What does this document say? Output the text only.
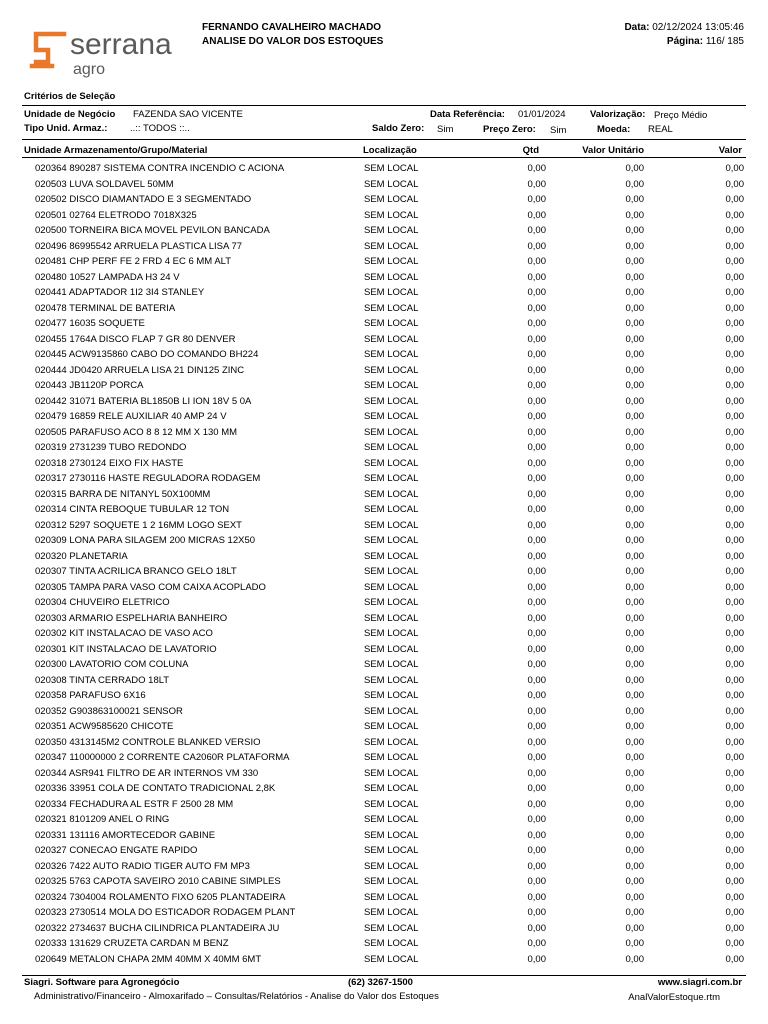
serrana
agro
FERNANDO CAVALHEIRO MACHADO
ANALISE DO VALOR DOS ESTOQUES
Data: 02/12/2024 13:05:46
Página: 116/ 185
Critérios de Seleção
Unidade de Negócio FAZENDA SAO VICENTE	Data Referência: 01/01/2024	Valorização: Preço Médio
Tipo Unid. Armaz.: ..:: TODOS ::..	Saldo Zero: Sim	Preço Zero: Sim	Moeda: REAL
Unidade Armazenamento/Grupo/Material	Localização	Qtd	Valor Unitário	Valor
020364 890287 SISTEMA CONTRA INCENDIO C ACIONA	SEM LOCAL	0,00	0,00	0,00
020503 LUVA SOLDAVEL 50MM	SEM LOCAL	0,00	0,00	0,00
020502 DISCO DIAMANTADO E 3 SEGMENTADO	SEM LOCAL	0,00	0,00	0,00
020501 02764 ELETRODO 7018X325	SEM LOCAL	0,00	0,00	0,00
020500 TORNEIRA BICA MOVEL PEVILON BANCADA	SEM LOCAL	0,00	0,00	0,00
020496 86995542 ARRUELA PLASTICA LISA 77	SEM LOCAL	0,00	0,00	0,00
020481 CHP PERF FE 2 FRD 4 EC 6 MM ALT	SEM LOCAL	0,00	0,00	0,00
020480 10527 LAMPADA H3 24 V	SEM LOCAL	0,00	0,00	0,00
020441 ADAPTADOR 1I2 3I4 STANLEY	SEM LOCAL	0,00	0,00	0,00
020478 TERMINAL DE BATERIA	SEM LOCAL	0,00	0,00	0,00
020477 16035 SOQUETE	SEM LOCAL	0,00	0,00	0,00
020455 1764A DISCO FLAP 7 GR 80 DENVER	SEM LOCAL	0,00	0,00	0,00
020445 ACW9135860 CABO DO COMANDO BH224	SEM LOCAL	0,00	0,00	0,00
020444 JD0420 ARRUELA LISA 21 DIN125 ZINC	SEM LOCAL	0,00	0,00	0,00
020443 JB1120P PORCA	SEM LOCAL	0,00	0,00	0,00
020442 31071 BATERIA BL1850B LI ION 18V 5 0A	SEM LOCAL	0,00	0,00	0,00
020479 16859 RELE AUXILIAR 40 AMP 24 V	SEM LOCAL	0,00	0,00	0,00
020505 PARAFUSO ACO 8 8 12 MM X 130 MM	SEM LOCAL	0,00	0,00	0,00
020319 2731239 TUBO REDONDO	SEM LOCAL	0,00	0,00	0,00
020318 2730124 EIXO FIX HASTE	SEM LOCAL	0,00	0,00	0,00
020317 2730116 HASTE REGULADORA RODAGEM	SEM LOCAL	0,00	0,00	0,00
020315 BARRA DE NITANYL 50X100MM	SEM LOCAL	0,00	0,00	0,00
020314 CINTA REBOQUE TUBULAR 12 TON	SEM LOCAL	0,00	0,00	0,00
020312 5297 SOQUETE 1 2 16MM LOGO SEXT	SEM LOCAL	0,00	0,00	0,00
020309 LONA PARA SILAGEM 200 MICRAS 12X50	SEM LOCAL	0,00	0,00	0,00
020320 PLANETARIA	SEM LOCAL	0,00	0,00	0,00
020307 TINTA ACRILICA BRANCO GELO 18LT	SEM LOCAL	0,00	0,00	0,00
020305 TAMPA PARA VASO COM CAIXA ACOPLADO	SEM LOCAL	0,00	0,00	0,00
020304 CHUVEIRO ELETRICO	SEM LOCAL	0,00	0,00	0,00
020303 ARMARIO ESPELHARIA BANHEIRO	SEM LOCAL	0,00	0,00	0,00
020302 KIT INSTALACAO DE VASO ACO	SEM LOCAL	0,00	0,00	0,00
020301 KIT INSTALACAO DE LAVATORIO	SEM LOCAL	0,00	0,00	0,00
020300 LAVATORIO COM COLUNA	SEM LOCAL	0,00	0,00	0,00
020308 TINTA CERRADO 18LT	SEM LOCAL	0,00	0,00	0,00
020358 PARAFUSO 6X16	SEM LOCAL	0,00	0,00	0,00
020352 G903863100021 SENSOR	SEM LOCAL	0,00	0,00	0,00
020351 ACW9585620 CHICOTE	SEM LOCAL	0,00	0,00	0,00
020350 4313145M2 CONTROLE BLANKED VERSIO	SEM LOCAL	0,00	0,00	0,00
020347 110000000 2 CORRENTE CA2060R PLATAFORMA	SEM LOCAL	0,00	0,00	0,00
020344 ASR941 FILTRO DE AR INTERNOS VM 330	SEM LOCAL	0,00	0,00	0,00
020336 33951 COLA DE CONTATO TRADICIONAL 2,8K	SEM LOCAL	0,00	0,00	0,00
020334 FECHADURA AL ESTR F 2500 28 MM	SEM LOCAL	0,00	0,00	0,00
020321 8101209 ANEL O RING	SEM LOCAL	0,00	0,00	0,00
020331 131116 AMORTECEDOR GABINE	SEM LOCAL	0,00	0,00	0,00
020327 CONECAO ENGATE RAPIDO	SEM LOCAL	0,00	0,00	0,00
020326 7422 AUTO RADIO TIGER AUTO FM MP3	SEM LOCAL	0,00	0,00	0,00
020325 5763 CAPOTA SAVEIRO 2010 CABINE SIMPLES	SEM LOCAL	0,00	0,00	0,00
020324 7304004 ROLAMENTO FIXO 6205 PLANTADEIRA	SEM LOCAL	0,00	0,00	0,00
020323 2730514 MOLA DO ESTICADOR RODAGEM PLANT	SEM LOCAL	0,00	0,00	0,00
020322 2734637 BUCHA CILINDRICA PLANTADEIRA JU	SEM LOCAL	0,00	0,00	0,00
020333 131629 CRUZETA CARDAN M BENZ	SEM LOCAL	0,00	0,00	0,00
020649 METALON CHAPA 2MM 40MM X 40MM 6MT	SEM LOCAL	0,00	0,00	0,00
Siagri. Software para Agronegócio	(62) 3267-1500	www.siagri.com.br
Administrativo/Financeiro - Almoxarifado – Consultas/Relatórios - Analise do Valor dos Estoques	AnalValorEstoque.rtm
